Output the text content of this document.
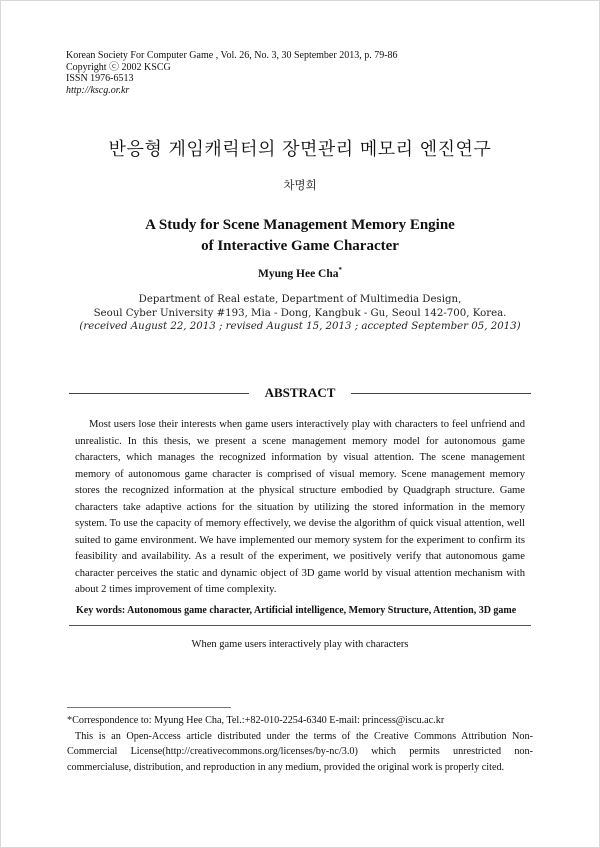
Korean Society For Computer Game , Vol. 26, No. 3, 30 September 2013, p. 79-86
Copyright ⓒ 2002 KSCG
ISSN 1976-6513
http://kscg.or.kr
반응형 게임캐릭터의 장면관리 메모리 엔진연구
차명희
A Study for Scene Management Memory Engine
of Interactive Game Character
Myung Hee Cha*
Department of Real estate, Department of Multimedia Design,
Seoul Cyber University #193, Mia - Dong, Kangbuk - Gu, Seoul 142-700, Korea.
(received August 22, 2013 ; revised August 15, 2013 ; accepted September 05, 2013)
ABSTRACT
Most users lose their interests when game users interactively play with characters to feel unfriend and unrealistic. In this thesis, we present a scene management memory model for autonomous game characters, which manages the recognized information by visual attention. The scene management memory of autonomous game character is comprised of visual memory. Scene management memory stores the recognized information at the physical structure embodied by Quadgraph structure. Game characters take adaptive actions for the situation by utilizing the stored information in the memory system. To use the capacity of memory effectively, we devise the algorithm of quick visual attention, well suited to game environment. We have implemented our memory system for the experiment to confirm its feasibility and availability. As a result of the experiment, we positively verify that autonomous game character perceives the static and dynamic object of 3D game world by visual attention mechanism with about 2 times improvement of time complexity.
Key words: Autonomous game character, Artificial intelligence, Memory Structure, Attention, 3D game
When game users interactively play with characters
*Correspondence to: Myung Hee Cha, Tel.:+82-010-2254-6340 E-mail: princess@iscu.ac.kr
This is an Open-Access article distributed under the terms of the Creative Commons Attribution Non-Commercial License(http://creativecommons.org/licenses/by-nc/3.0) which permits unrestricted non-commercialuse, distribution, and reproduction in any medium, provided the original work is properly cited.
